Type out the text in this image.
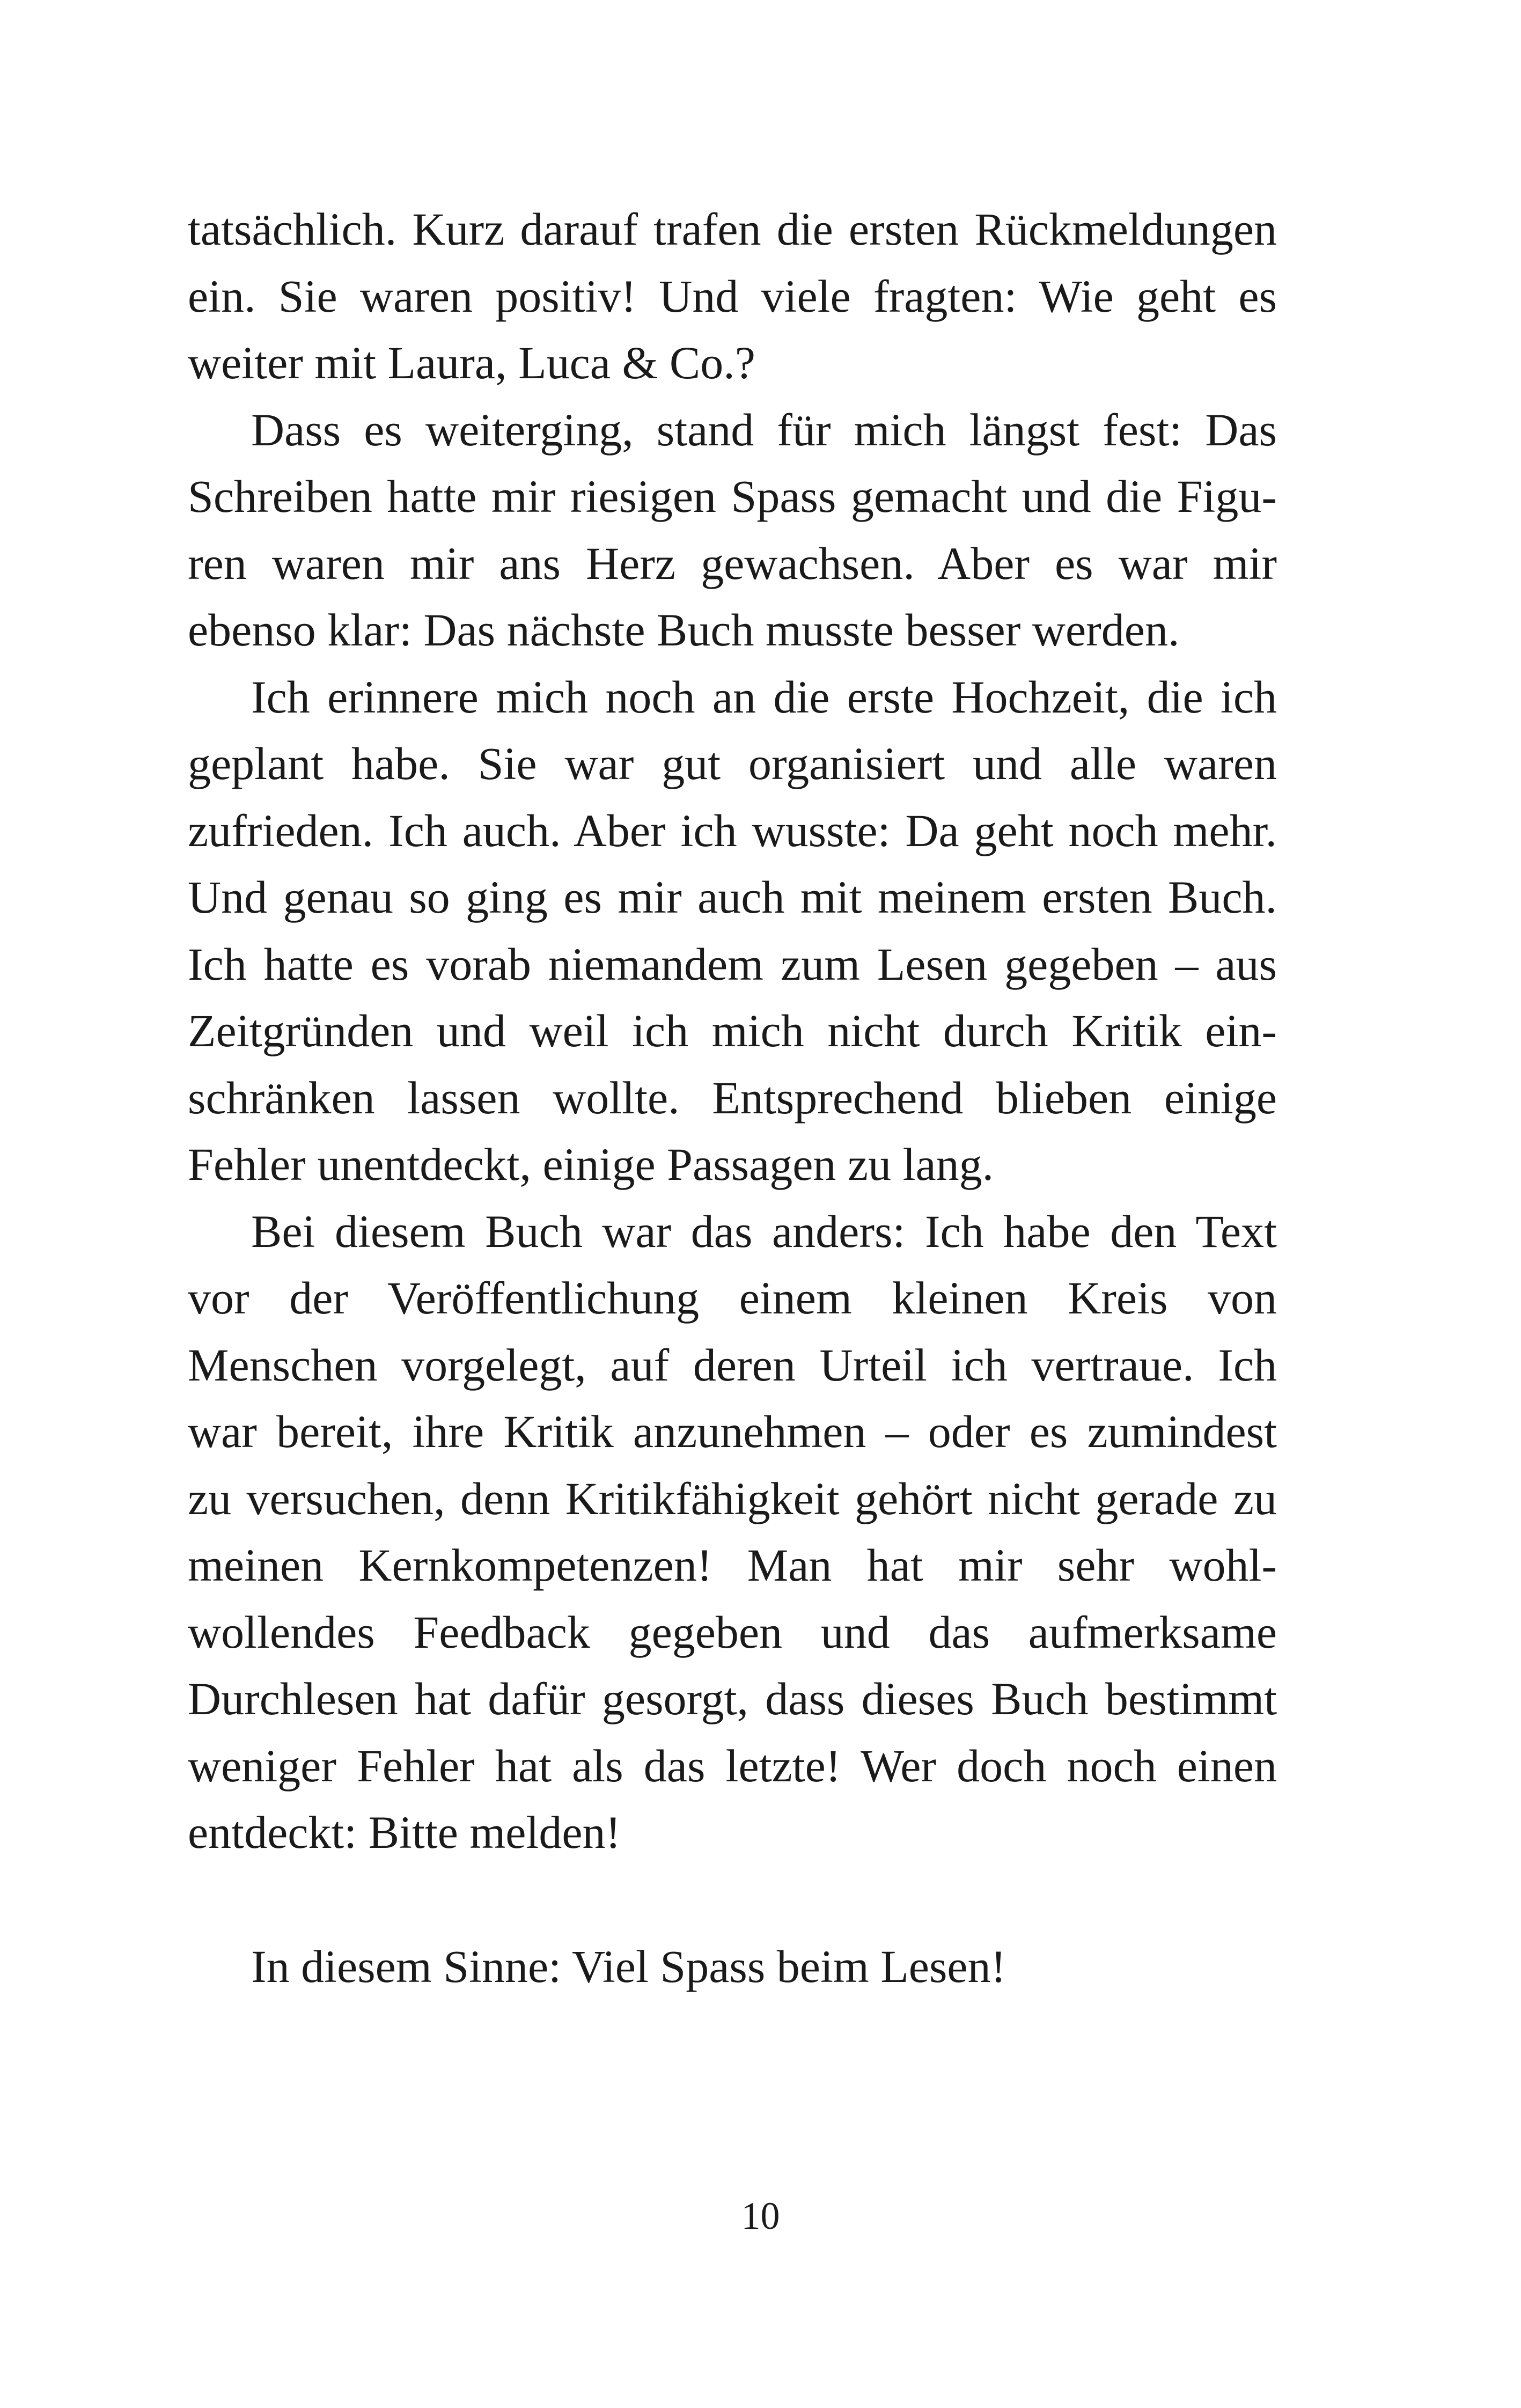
tatsächlich. Kurz darauf trafen die ersten Rückmeldungen
ein. Sie waren positiv! Und viele fragten: Wie geht es
weiter mit Laura, Luca & Co.?
Dass es weiterging, stand für mich längst fest: Das
Schreiben hatte mir riesigen Spass gemacht und die Figu-
ren waren mir ans Herz gewachsen. Aber es war mir
ebenso klar: Das nächste Buch musste besser werden.
Ich erinnere mich noch an die erste Hochzeit, die ich
geplant habe. Sie war gut organisiert und alle waren
zufrieden. Ich auch. Aber ich wusste: Da geht noch mehr.
Und genau so ging es mir auch mit meinem ersten Buch.
Ich hatte es vorab niemandem zum Lesen gegeben – aus
Zeitgründen und weil ich mich nicht durch Kritik ein-
schränken lassen wollte. Entsprechend blieben einige
Fehler unentdeckt, einige Passagen zu lang.
Bei diesem Buch war das anders: Ich habe den Text
vor der Veröffentlichung einem kleinen Kreis von
Menschen vorgelegt, auf deren Urteil ich vertraue. Ich
war bereit, ihre Kritik anzunehmen – oder es zumindest
zu versuchen, denn Kritikfähigkeit gehört nicht gerade zu
meinen Kernkompetenzen! Man hat mir sehr wohl-
wollendes Feedback gegeben und das aufmerksame
Durchlesen hat dafür gesorgt, dass dieses Buch bestimmt
weniger Fehler hat als das letzte! Wer doch noch einen
entdeckt: Bitte melden!
In diesem Sinne: Viel Spass beim Lesen!
10
